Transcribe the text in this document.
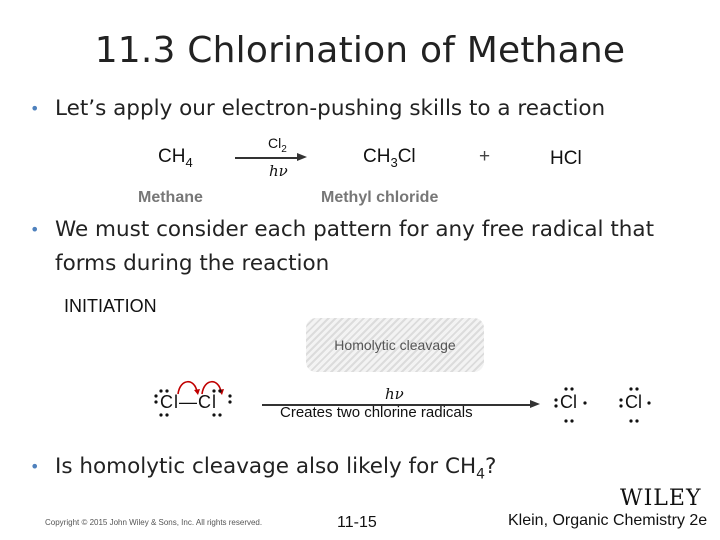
11.3 Chlorination of Methane
• Let’s apply our electron-pushing skills to a reaction
$CH_4$
$Cl_2$
hν
$CH_3Cl$	+	HCl
Methane	Methyl chloride
• We must consider each pattern for any free radical that forms during the reaction
INITIATION
Homolytic cleavage
Cl—Cl	hν
Creates two chlorine radicals
Cl	Cl
• Is homolytic cleavage also likely for $CH_4$?
WILEY
Copyright © 2015 John Wiley & Sons, Inc. All rights reserved.	11-15	Klein, Organic Chemistry 2e
